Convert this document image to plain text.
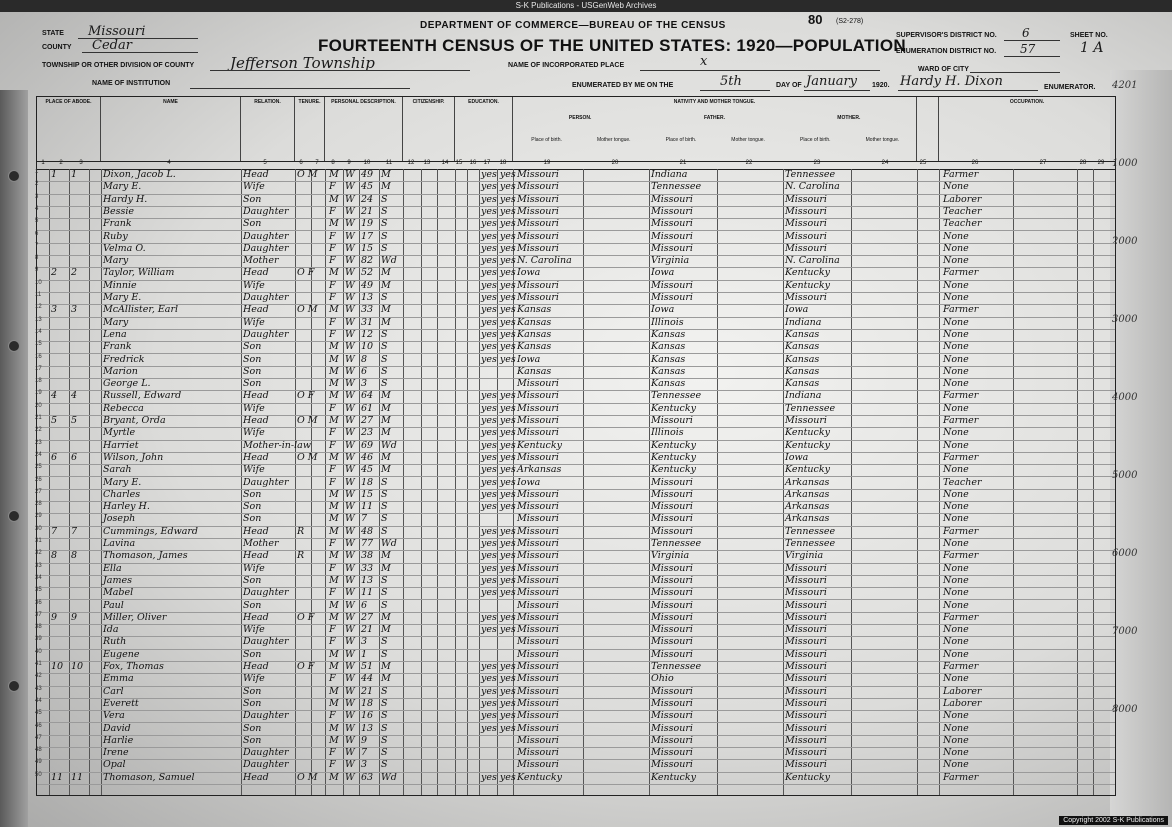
S-K Publications - USGenWeb Archives
4201
1000
2000
3000
4000
5000
6000
7000
8000
80 (S2-278)
DEPARTMENT OF COMMERCE—BUREAU OF THE CENSUS
FOURTEENTH CENSUS OF THE UNITED STATES: 1920—POPULATION
STATE Missouri
COUNTY Cedar
TOWNSHIP OR OTHER DIVISION OF COUNTY Jefferson Township
NAME OF INSTITUTION
NAME OF INCORPORATED PLACE	x
ENUMERATED BY ME ON THE	5th	DAY OF January 1920. Hardy H. Dixon	ENUMERATOR.
SUPERVISOR'S DISTRICT NO. 6
ENUMERATION DISTRICT NO. 57
SHEET NO.
1 A
WARD OF CITY
PLACE OF ABODE.	NAME	RELATION.	TENURE.	PERSONAL DESCRIPTION.	CITIZENSHIP.	EDUCATION.	NATIVITY AND MOTHER TONGUE.
PERSON.	FATHER.	MOTHER.
Place of birth.	Mother tongue.	Place of birth.	Mother tongue.	Place of birth.	Mother tongue.
OCCUPATION.
1	2	3	4	5	6	7	8	9	10	11	12	13	14	15	16	17	18	19	20	21	22	23	24	25	26	27	28	29
1 1	1	Dixon, Jacob L.	Head	O M	M W 49 M	yes yes Missouri	Indiana	Tennessee	Farmer
2	Mary E.	Wife	F W 45 M	yes yes Missouri	Tennessee	N. Carolina	None
3	Hardy H.	Son	M W 24 S	yes yes Missouri	Missouri	Missouri	Laborer
4	Bessie	Daughter	F W 21 S	yes yes Missouri	Missouri	Missouri	Teacher
5	Frank	Son	M W 19 S	yes yes Missouri	Missouri	Missouri	Teacher
6	Ruby	Daughter	F W 17 S	yes yes Missouri	Missouri	Missouri	None
7	Velma O.	Daughter	F W 15 S	yes yes Missouri	Missouri	Missouri	None
8	Mary	Mother	F W 82 Wd	yes yes N. Carolina	Virginia	N. Carolina	None
9 2	2	Taylor, William	Head	O F	M W 52 M	yes yes Iowa	Iowa	Kentucky	Farmer
10	Minnie	Wife	F W 49 M	yes yes Missouri	Missouri	Kentucky	None
11	Mary E.	Daughter	F W 13 S	yes yes Missouri	Missouri	Missouri	None
12 3	3	McAllister, Earl	Head	O M	M W 33 M	yes yes Kansas	Iowa	Iowa	Farmer
13	Mary	Wife	F W 31 M	yes yes Kansas	Illinois	Indiana	None
14	Lena	Daughter	F W 12 S	yes yes Kansas	Kansas	Kansas	None
15	Frank	Son	M W 10 S	yes yes Kansas	Kansas	Kansas	None
16	Fredrick	Son	M W 8	S	yes yes Iowa	Kansas	Kansas	None
17	Marion	Son	M W 6	S	Kansas	Kansas	Kansas	None
18	George L.	Son	M W 3	S	Missouri	Kansas	Kansas	None
19 4	4	Russell, Edward	Head	O F	M W 64 M	yes yes Missouri	Tennessee	Indiana	Farmer
20	Rebecca	Wife	F W 61 M	yes yes Missouri	Kentucky	Tennessee	None
21 5	5	Bryant, Orda	Head	O M	M W 27 M	yes yes Missouri	Missouri	Missouri	Farmer
22	Myrtle	Wife	F W 23 M	yes yes Missouri	Illinois	Kentucky	None
23	Harriet	Mother-in-law F W 69 Wd	yes yes Kentucky	Kentucky	Kentucky	None
24 6	6	Wilson, John	Head	O M	M W 46 M	yes yes Missouri	Kentucky	Iowa	Farmer
25	Sarah	Wife	F W 45 M	yes yes Arkansas	Kentucky	Kentucky	None
26	Mary E.	Daughter	F W 18 S	yes yes Iowa	Missouri	Arkansas	Teacher
27	Charles	Son	M W 15 S	yes yes Missouri	Missouri	Arkansas	None
28	Harley H.	Son	M W 11 S	yes yes Missouri	Missouri	Arkansas	None
29	Joseph	Son	M W 7	S	Missouri	Missouri	Arkansas	None
30 7	7	Cummings, Edward	Head	R	M W 48 S	yes yes Missouri	Missouri	Tennessee	Farmer
31	Lavina	Mother	F W 77 Wd	yes yes Missouri	Tennessee	Tennessee	None
32 8	8	Thomason, James	Head	R	M W 38 M	yes yes Missouri	Virginia	Virginia	Farmer
33	Ella	Wife	F W 33 M	yes yes Missouri	Missouri	Missouri	None
34	James	Son	M W 13 S	yes yes Missouri	Missouri	Missouri	None
35	Mabel	Daughter	F W 11 S	yes yes Missouri	Missouri	Missouri	None
36	Paul	Son	M W 6	S	Missouri	Missouri	Missouri	None
37 9	9	Miller, Oliver	Head	O F	M W 27 M	yes yes Missouri	Missouri	Missouri	Farmer
38	Ida	Wife	F W 21 M	yes yes Missouri	Missouri	Missouri	None
39	Ruth	Daughter	F W 3	S	Missouri	Missouri	Missouri	None
40	Eugene	Son	M W 1	S	Missouri	Missouri	Missouri	None
41 10 10	Fox, Thomas	Head	O F	M W 51 M	yes yes Missouri	Tennessee	Missouri	Farmer
42	Emma	Wife	F W 44 M	yes yes Missouri	Ohio	Missouri	None
43	Carl	Son	M W 21 S	yes yes Missouri	Missouri	Missouri	Laborer
44	Everett	Son	M W 18 S	yes yes Missouri	Missouri	Missouri	Laborer
45	Vera	Daughter	F W 16 S	yes yes Missouri	Missouri	Missouri	None
46	David	Son	M W 13 S	yes yes Missouri	Missouri	Missouri	None
47	Harlie	Son	M W 9	S	Missouri	Missouri	Missouri	None
48	Irene	Daughter	F W 7	S	Missouri	Missouri	Missouri	None
49	Opal	Daughter	F W 3	S	Missouri	Missouri	Missouri	None
50 11 11	Thomason, Samuel	Head	O M	M W 63 Wd	yes yes Kentucky	Kentucky	Kentucky	Farmer
Copyright 2002 S-K Publications
